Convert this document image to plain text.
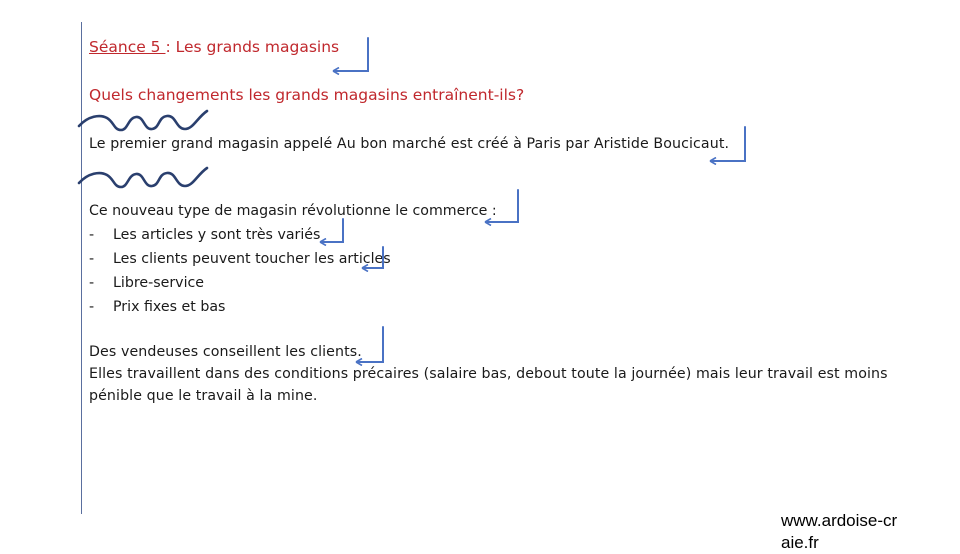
Séance 5 : Les grands magasins
Quels changements les grands magasins entraînent-ils?
Le premier grand magasin appelé Au bon marché est créé à Paris par Aristide Boucicaut.
Ce nouveau type de magasin révolutionne le commerce :
- Les articles y sont très variés
- Les clients peuvent toucher les articles
- Libre-service
- Prix fixes et bas
Des vendeuses conseillent les clients.
Elles travaillent dans des conditions précaires (salaire bas, debout toute la journée) mais leur travail est moins
pénible que le travail à la mine.
www.ardoise-craie.fr
